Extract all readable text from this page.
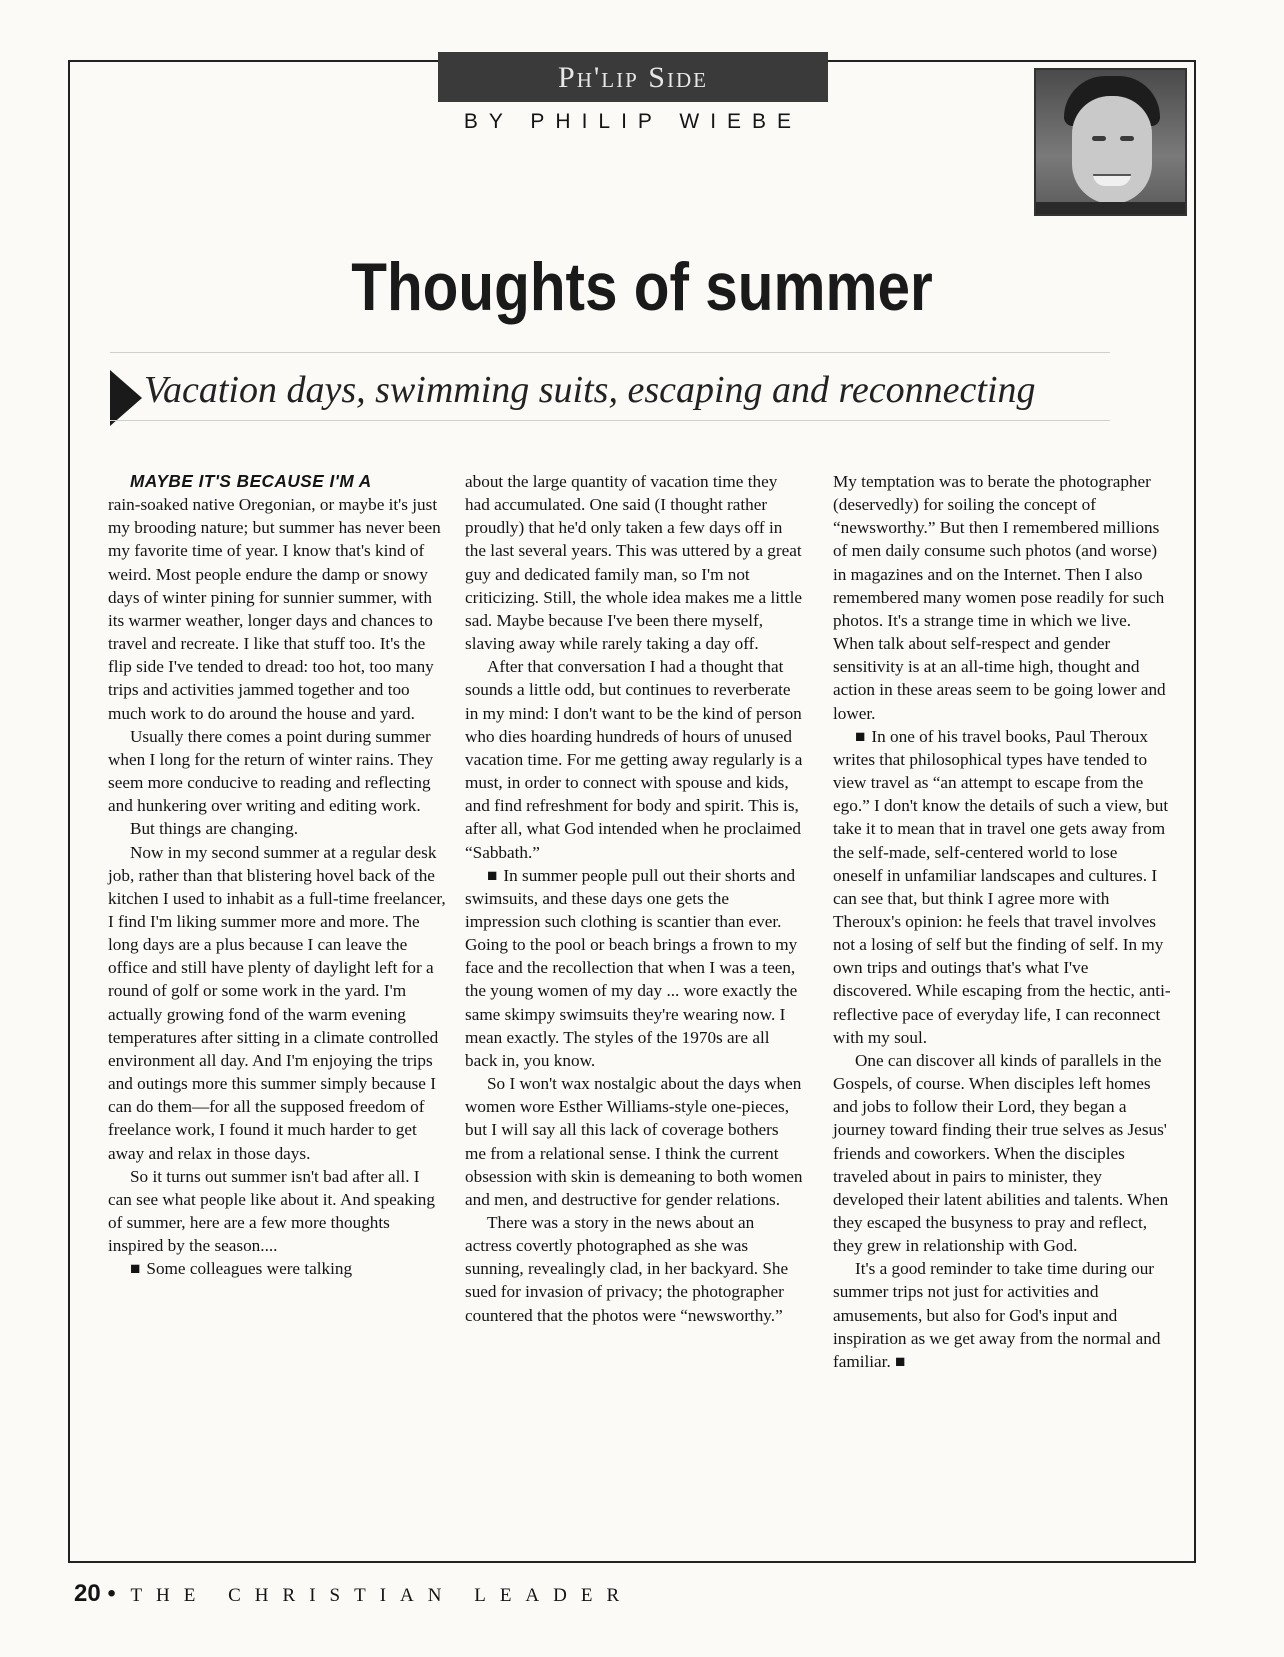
Ph'lip Side
BY PHILIP WIEBE
Thoughts of summer
Vacation days, swimming suits, escaping and reconnecting

MAYBE IT'S BECAUSE I'M A

rain-soaked native Oregonian, or maybe it's just my brooding nature; but summer has never been my favorite time of year. I know that's kind of weird. Most people endure the damp or snowy days of winter pining for sunnier summer, with its warmer weather, longer days and chances to travel and recreate. I like that stuff too. It's the flip side I've tended to dread: too hot, too many trips and activities jammed together and too much work to do around the house and yard.

Usually there comes a point during summer when I long for the return of winter rains. They seem more conducive to reading and reflecting and hunkering over writing and editing work.

But things are changing.

Now in my second summer at a regular desk job, rather than that blistering hovel back of the kitchen I used to inhabit as a full-time freelancer, I find I'm liking summer more and more. The long days are a plus because I can leave the office and still have plenty of daylight left for a round of golf or some work in the yard. I'm actually growing fond of the warm evening temperatures after sitting in a climate controlled environment all day. And I'm enjoying the trips and outings more this summer simply because I can do them—for all the supposed freedom of freelance work, I found it much harder to get away and relax in those days.

So it turns out summer isn't bad after all. I can see what people like about it. And speaking of summer, here are a few more thoughts inspired by the season....

■ Some colleagues were talking

about the large quantity of vacation time they had accumulated. One said (I thought rather proudly) that he'd only taken a few days off in the last several years. This was uttered by a great guy and dedicated family man, so I'm not criticizing. Still, the whole idea makes me a little sad. Maybe because I've been there myself, slaving away while rarely taking a day off.

After that conversation I had a thought that sounds a little odd, but continues to reverberate in my mind: I don't want to be the kind of person who dies hoarding hundreds of hours of unused vacation time. For me getting away regularly is a must, in order to connect with spouse and kids, and find refreshment for body and spirit. This is, after all, what God intended when he proclaimed “Sabbath.”

■ In summer people pull out their shorts and swimsuits, and these days one gets the impression such clothing is scantier than ever. Going to the pool or beach brings a frown to my face and the recollection that when I was a teen, the young women of my day ... wore exactly the same skimpy swimsuits they're wearing now. I mean exactly. The styles of the 1970s are all back in, you know.

So I won't wax nostalgic about the days when women wore Esther Williams-style one-pieces, but I will say all this lack of coverage bothers me from a relational sense. I think the current obsession with skin is demeaning to both women and men, and destructive for gender relations.

There was a story in the news about an actress covertly photographed as she was sunning, revealingly clad, in her backyard. She sued for invasion of privacy; the photographer countered that the photos were “newsworthy.”

My temptation was to berate the photographer (deservedly) for soiling the concept of “newsworthy.” But then I remembered millions of men daily consume such photos (and worse) in magazines and on the Internet. Then I also remembered many women pose readily for such photos. It's a strange time in which we live. When talk about self-respect and gender sensitivity is at an all-time high, thought and action in these areas seem to be going lower and lower.

■ In one of his travel books, Paul Theroux writes that philosophical types have tended to view travel as “an attempt to escape from the ego.” I don't know the details of such a view, but take it to mean that in travel one gets away from the self-made, self-centered world to lose oneself in unfamiliar landscapes and cultures. I can see that, but think I agree more with Theroux's opinion: he feels that travel involves not a losing of self but the finding of self. In my own trips and outings that's what I've discovered. While escaping from the hectic, anti-reflective pace of everyday life, I can reconnect with my soul.

One can discover all kinds of parallels in the Gospels, of course. When disciples left homes and jobs to follow their Lord, they began a journey toward finding their true selves as Jesus' friends and coworkers. When the disciples traveled about in pairs to minister, they developed their latent abilities and talents. When they escaped the busyness to pray and reflect, they grew in relationship with God.

It's a good reminder to take time during our summer trips not just for activities and amusements, but also for God's input and inspiration as we get away from the normal and familiar. ■

20 • THE CHRISTIAN LEADER
